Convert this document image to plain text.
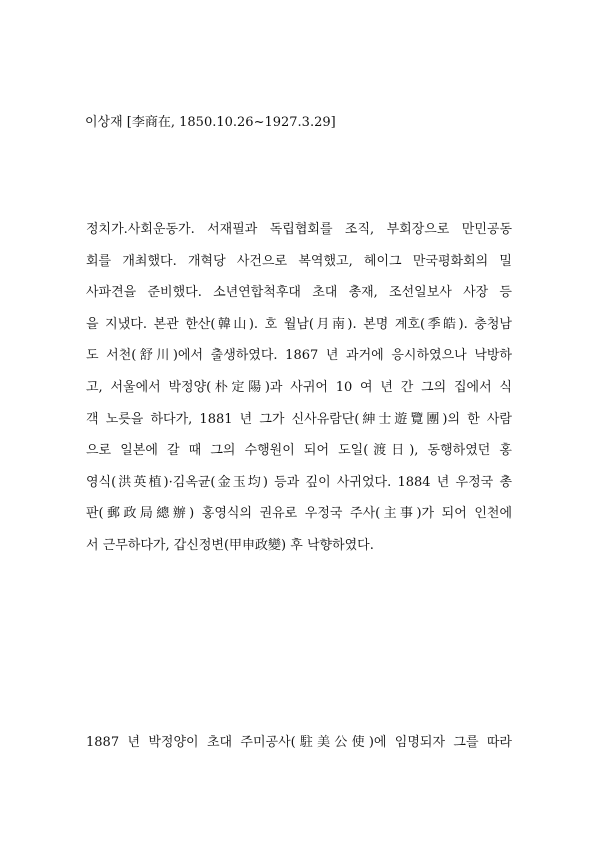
이상재 [李商在, 1850.10.26~1927.3.29]
정치가.사회운동가. 서재필과 독립협회를 조직, 부회장으로 만민공동
회를 개최했다. 개혁당 사건으로 복역했고, 헤이그 만국평화회의 밀
사파견을 준비했다. 소년연합척후대 초대 총재, 조선일보사 사장 등
을 지냈다. 본관 한산(韓山). 호 월남(月南). 본명 계호(季皓). 충청남
도 서천(舒川)에서 출생하였다. 1867 년 과거에 응시하였으나 낙방하
고, 서울에서 박정양(朴定陽)과 사귀어 10 여 년 간 그의 집에서 식
객 노릇을 하다가, 1881 년 그가 신사유람단(紳士遊覽團)의 한 사람
으로 일본에 갈 때 그의 수행원이 되어 도일(渡日), 동행하였던 홍
영식(洪英植)·김옥균(金玉均) 등과 깊이 사귀었다. 1884 년 우정국 총
판(郵政局總辦) 홍영식의 권유로 우정국 주사(主事)가 되어 인천에
서 근무하다가, 갑신정변(甲申政變) 후 낙향하였다.
1887 년 박정양이 초대 주미공사(駐美公使)에 임명되자 그를 따라
